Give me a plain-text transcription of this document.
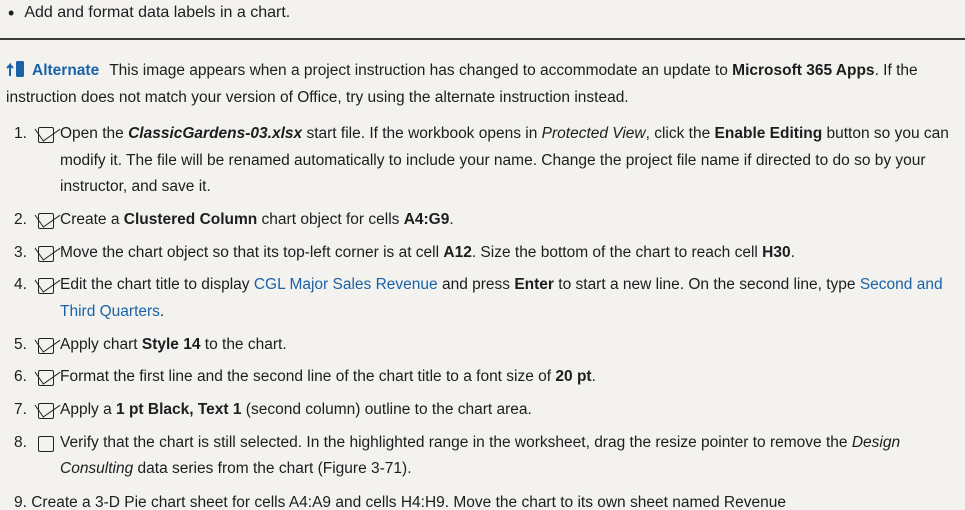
• Add and format data labels in a chart.
Alternate This image appears when a project instruction has changed to accommodate an update to Microsoft 365 Apps. If the instruction does not match your version of Office, try using the alternate instruction instead.
1.	Open the ClassicGardens-03.xlsx start file. If the workbook opens in Protected View, click the Enable Editing button so you can modify it. The file will be renamed automatically to include your name. Change the project file name if directed to do so by your instructor, and save it.
2.	Create a Clustered Column chart object for cells A4:G9.
3.	Move the chart object so that its top-left corner is at cell A12. Size the bottom of the chart to reach cell H30.
4.	Edit the chart title to display CGL Major Sales Revenue and press Enter to start a new line. On the second line, type Second and Third Quarters.
5.	Apply chart Style 14 to the chart.
6.	Format the first line and the second line of the chart title to a font size of 20 pt.
7.	Apply a 1 pt Black, Text 1 (second column) outline to the chart area.
8.	Verify that the chart is still selected. In the highlighted range in the worksheet, drag the resize pointer to remove the Design Consulting data series from the chart (Figure 3-71).
9. Create a 3-D Pie chart sheet for cells A4:A9 and cells H4:H9. Move the chart to its own sheet named Revenue
